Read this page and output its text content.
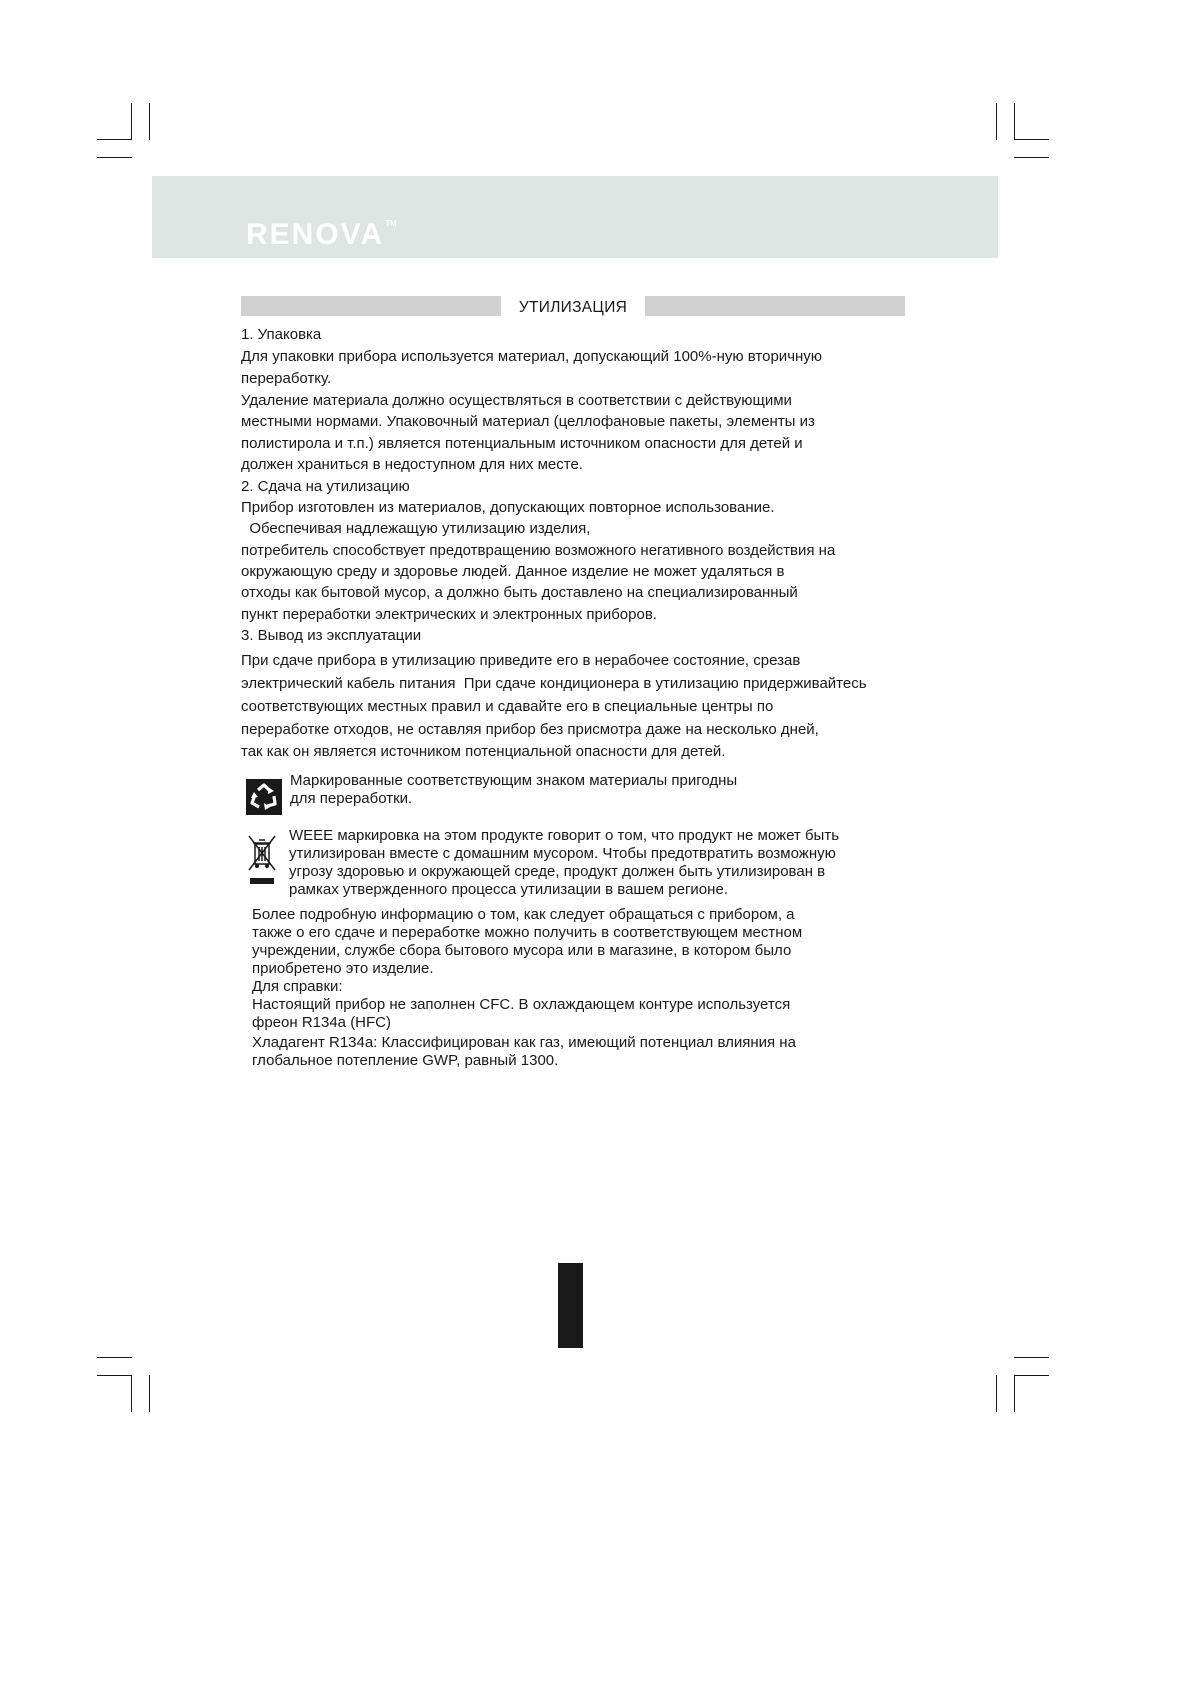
RENOVA™
УТИЛИЗАЦИЯ

1. Упаковка

Для упаковки прибора используется материал, допускающий 100%-ную вторичную

переработку.

Удаление материала должно осуществляться в соответствии с действующими

местными нормами. Упаковочный материал (целлофановые пакеты, элементы из

полистирола и т.п.) является потенциальным источником опасности для детей и

должен храниться в недоступном для них месте.

2. Сдача на утилизацию

Прибор изготовлен из материалов, допускающих повторное использование.

Обеспечивая надлежащую утилизацию изделия,

потребитель способствует предотвращению возможного негативного воздействия на

окружающую среду и здоровье людей. Данное изделие не может удаляться в

отходы как бытовой мусор, а должно быть доставлено на специализированный

пункт переработки электрических и электронных приборов.

3. Вывод из эксплуатации

При сдаче прибора в утилизацию приведите его в нерабочее состояние, срезав

электрический кабель питания  При сдаче кондиционера в утилизацию придерживайтесь

соответствующих местных правил и сдавайте его в специальные центры по

переработке отходов, не оставляя прибор без присмотра даже на несколько дней,

так как он является источником потенциальной опасности для детей.

Маркированные соответствующим знаком материалы пригодны

для переработки.

WEEE маркировка на этом продукте говорит о том, что продукт не может быть

утилизирован вместе с домашним мусором. Чтобы предотвратить возможную

угрозу здоровью и окружающей среде, продукт должен быть утилизирован в

рамках утвержденного процесса утилизации в вашем регионе.

Более подробную информацию о том, как следует обращаться с прибором, а

также о его сдаче и переработке можно получить в соответствующем местном

учреждении, службе сбора бытового мусора или в магазине, в котором было

приобретено это изделие.

Для справки:

Настоящий прибор не заполнен CFC. В охлаждающем контуре используется

фреон R134a (HFC)

Хладагент R134a: Классифицирован как газ, имеющий потенциал влияния на

глобальное потепление GWP, равный 1300.
